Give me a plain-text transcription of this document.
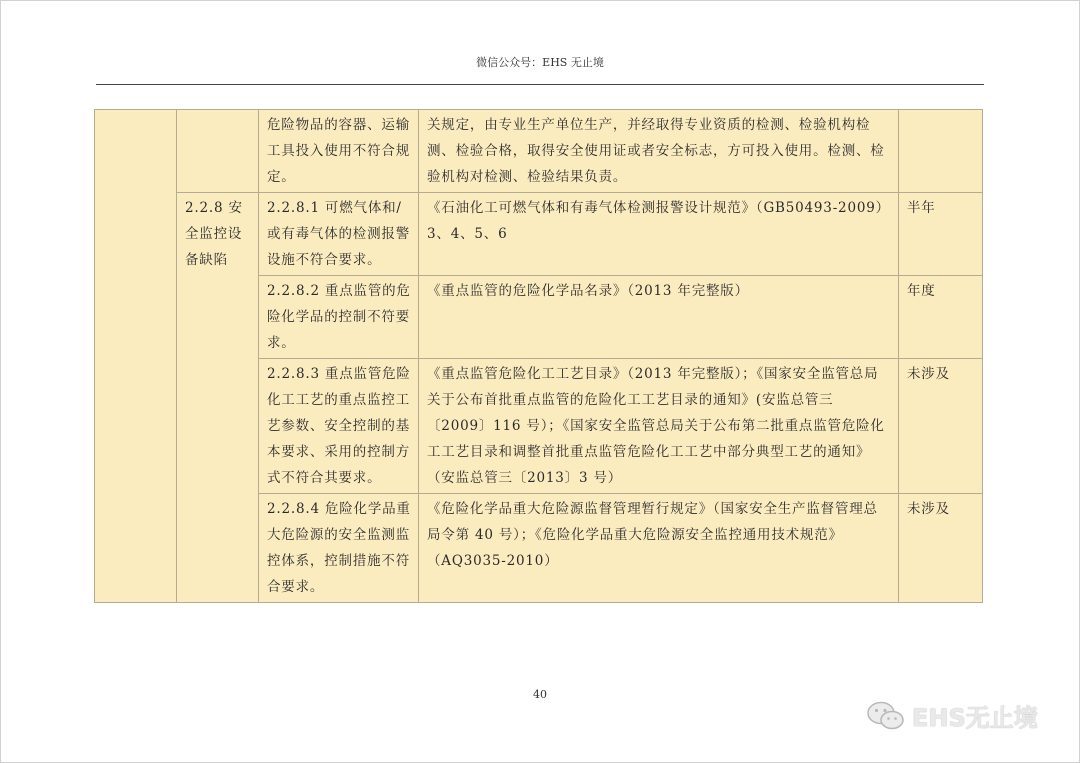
微信公众号：EHS 无止境
		危险物品的容器、运输工具投入使用不符合规定。	关规定，由专业生产单位生产，并经取得专业资质的检测、检验机构检测、检验合格，取得安全使用证或者安全标志，方可投入使用。检测、检验机构对检测、检验结果负责。	
	2.2.8 安全监控设备缺陷	2.2.8.1 可燃气体和/或有毒气体的检测报警设施不符合要求。	《石油化工可燃气体和有毒气体检测报警设计规范》（GB50493-2009）3、4、5、6	半年
		2.2.8.2 重点监管的危险化学品的控制不符要求。	《重点监管的危险化学品名录》（2013 年完整版）	年度
		2.2.8.3 重点监管危险化工工艺的重点监控工艺参数、安全控制的基本要求、采用的控制方式不符合其要求。	《重点监管危险化工工艺目录》（2013 年完整版）；《国家安全监管总局关于公布首批重点监管的危险化工工艺目录的通知》(安监总管三〔2009〕116 号）；《国家安全监管总局关于公布第二批重点监管危险化工工艺目录和调整首批重点监管危险化工工艺中部分典型工艺的通知》（安监总管三〔2013〕3 号）	未涉及
		2.2.8.4 危险化学品重大危险源的安全监测监控体系，控制措施不符合要求。	《危险化学品重大危险源监督管理暂行规定》（国家安全生产监督管理总局令第 40 号）；《危险化学品重大危险源安全监控通用技术规范》（AQ3035-2010）	未涉及
40
EHS无止境
